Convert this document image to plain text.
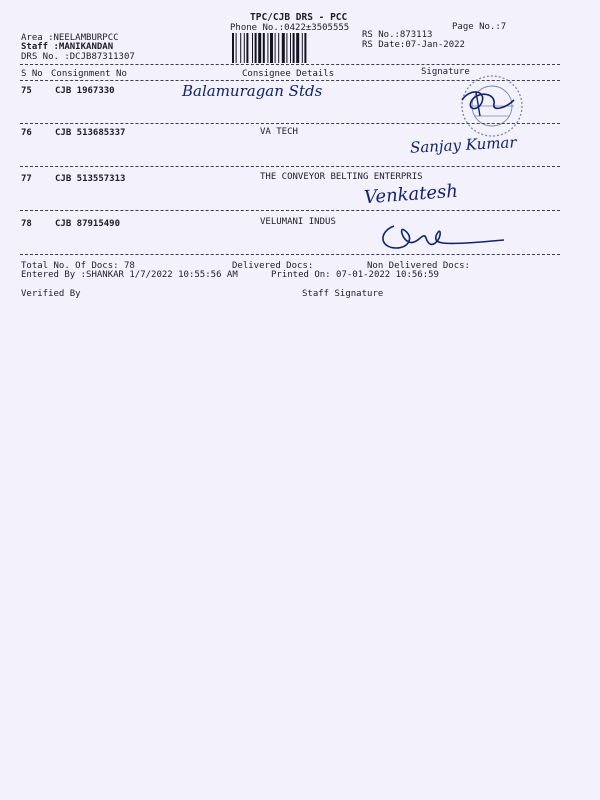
TPC/CJB DRS - PCC
Phone No.:0422±3505555	Page No.:7
Area :NEELAMBURPCC
Staff :MANIKANDAN
DRS No. :DCJB87311307
RS No.:873113
RS Date:07-Jan-2022
S No Consignment No	Consignee Details	Signature
75	CJB 1967330	Balamuragan Stds
76	CJB 513685337	VA TECH
Sanjay Kumar
77	CJB 513557313	THE CONVEYOR BELTING ENTERPRIS
Venkatesh
78	CJB 87915490	VELUMANI INDUS
Total No. Of Docs: 78	Delivered Docs:	Non Delivered Docs:
Entered By :SHANKAR 1/7/2022 10:55:56 AM	Printed On: 07-01-2022 10:56:59
Verified By	Staff Signature
